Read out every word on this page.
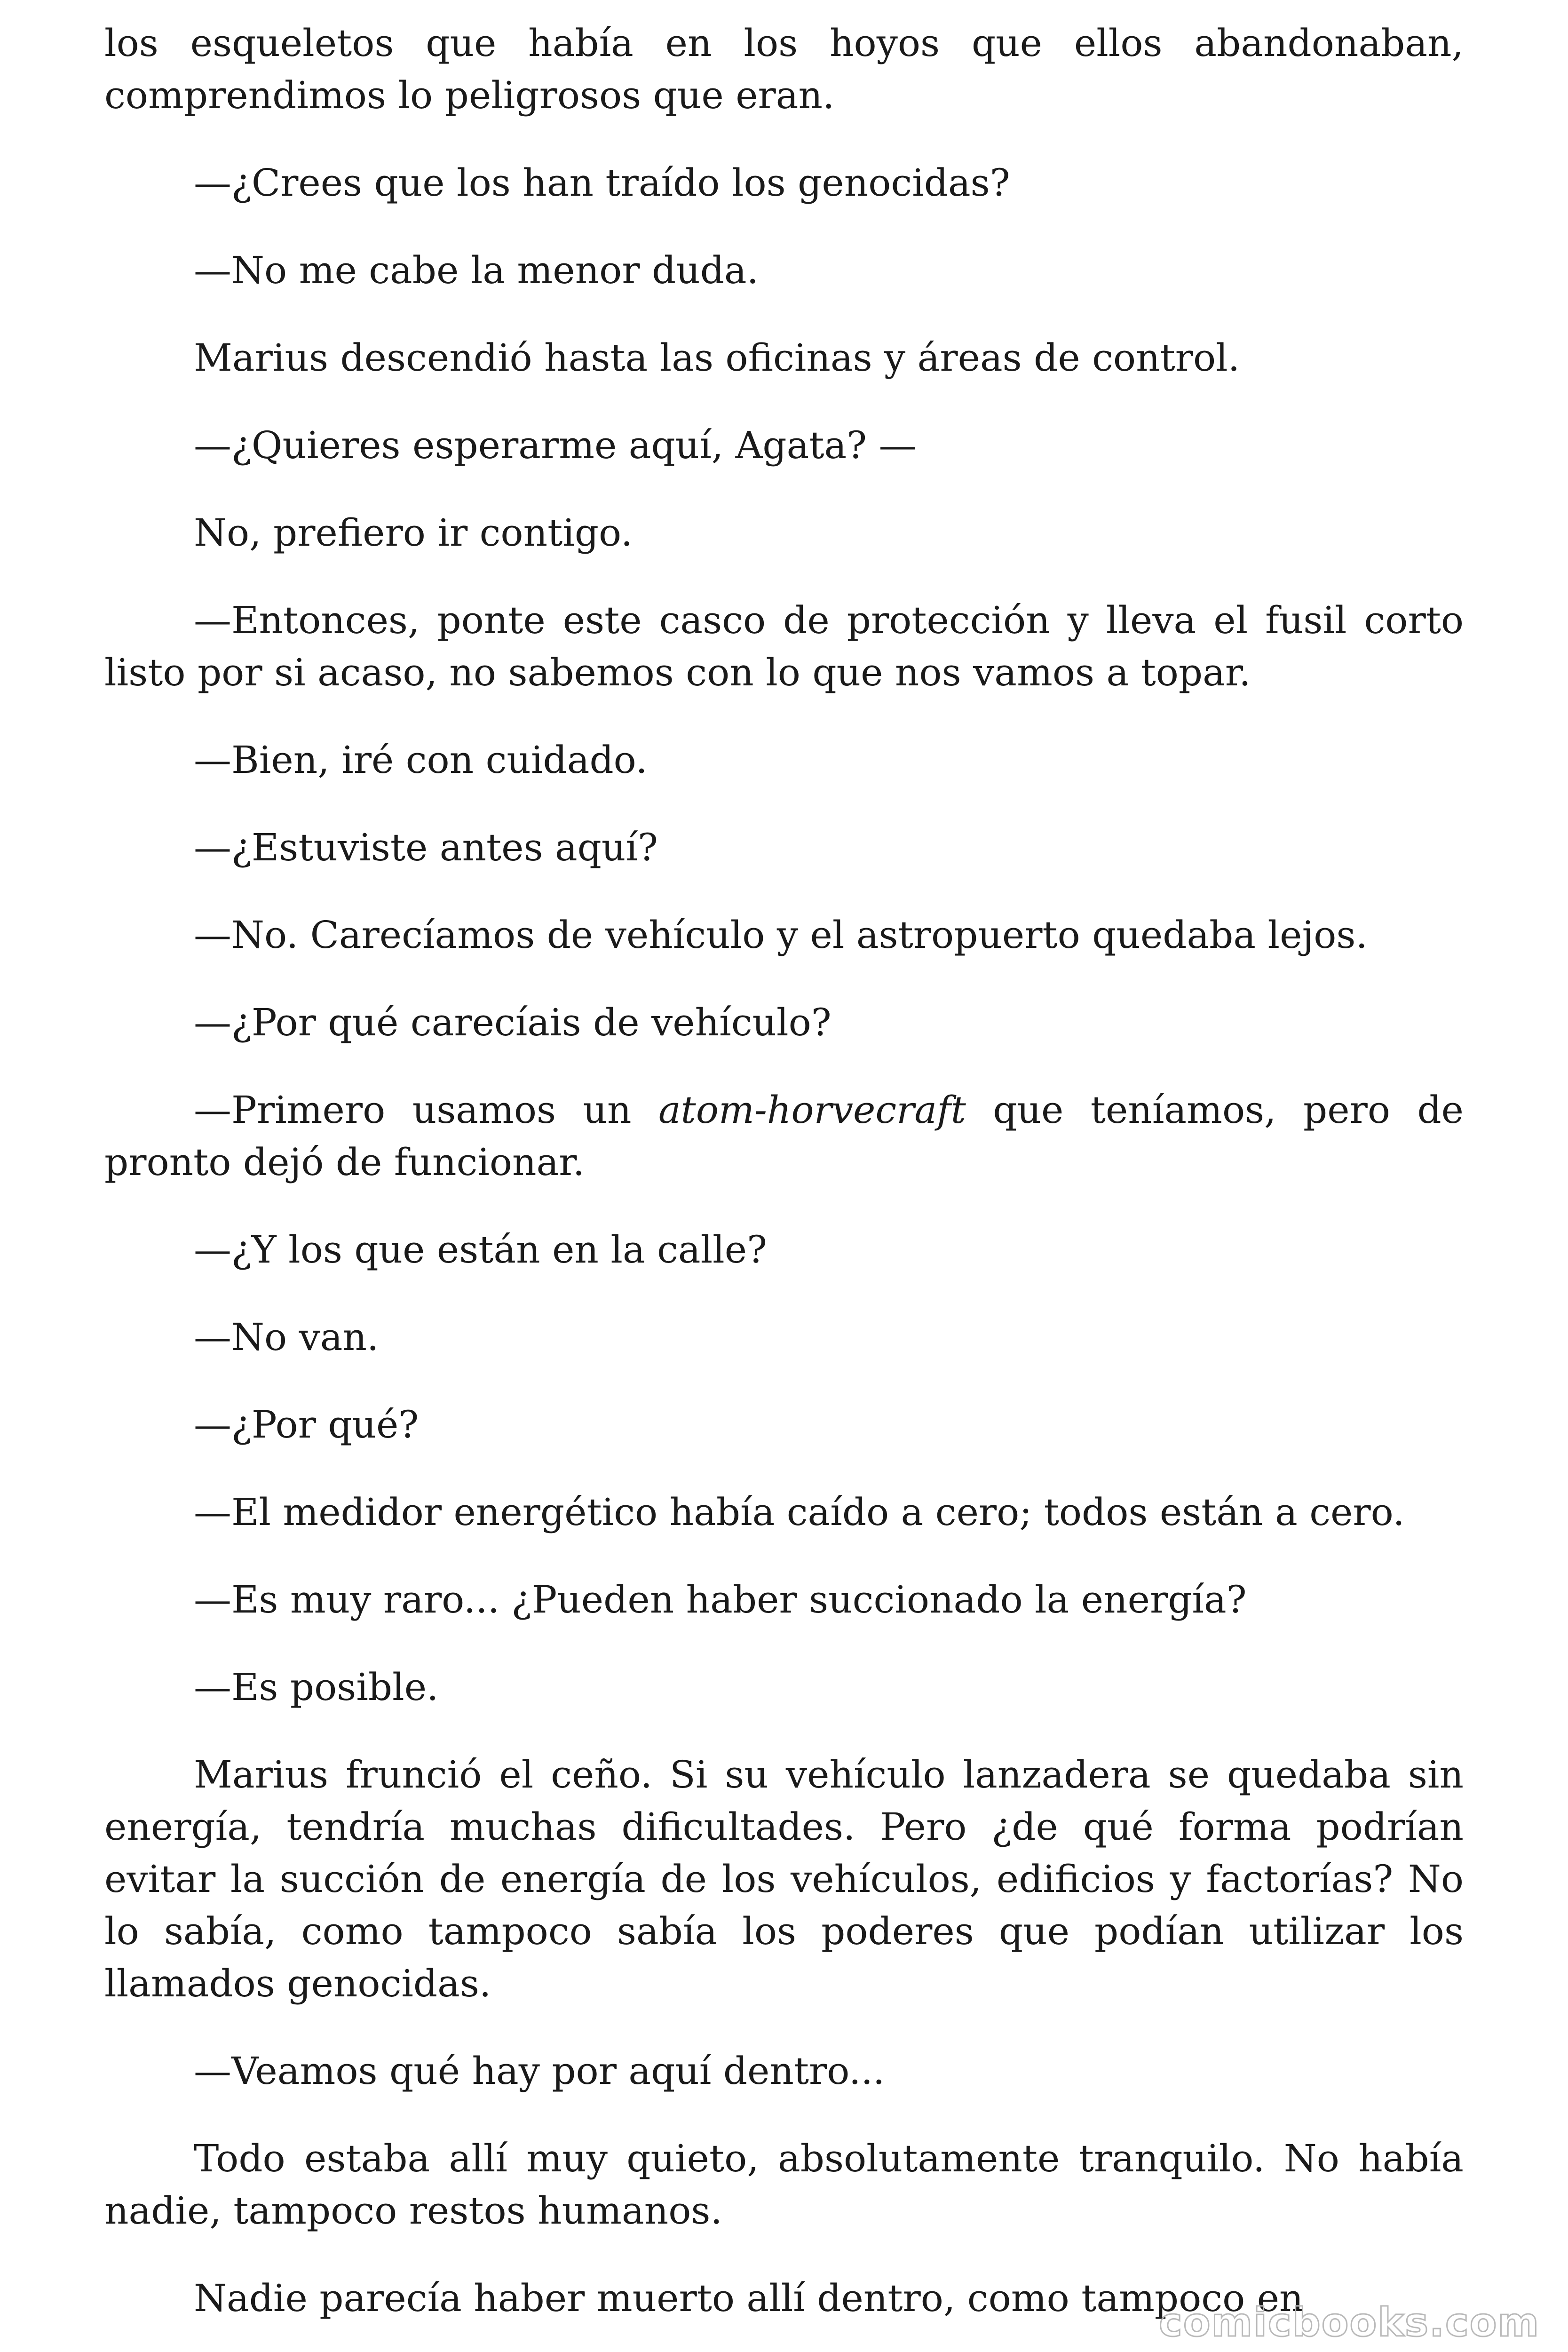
los esqueletos que había en los hoyos que ellos abandonaban, comprendimos lo peligrosos que eran.

—¿Crees que los han traído los genocidas?

—No me cabe la menor duda.

Marius descendió hasta las oficinas y áreas de control.

—¿Quieres esperarme aquí, Agata? —

No, prefiero ir contigo.

—Entonces, ponte este casco de protección y lleva el fusil corto listo por si acaso, no sabemos con lo que nos vamos a topar.

—Bien, iré con cuidado.

—¿Estuviste antes aquí?

—No. Carecíamos de vehículo y el astropuerto quedaba lejos.

—¿Por qué carecíais de vehículo?

—Primero usamos un atom-horvecraft que teníamos, pero de pronto dejó de funcionar.

—¿Y los que están en la calle?

—No van.

—¿Por qué?

—El medidor energético había caído a cero; todos están a cero.

—Es muy raro... ¿Pueden haber succionado la energía?

—Es posible.

Marius frunció el ceño. Si su vehículo lanzadera se quedaba sin energía, tendría muchas dificultades. Pero ¿de qué forma podrían evitar la succión de energía de los vehículos, edificios y factorías? No lo sabía, como tampoco sabía los poderes que podían utilizar los llamados genocidas.

—Veamos qué hay por aquí dentro...

Todo estaba allí muy quieto, absolutamente tranquilo. No había nadie, tampoco restos humanos.

Nadie parecía haber muerto allí dentro, como tampoco en

comicbooks.com
